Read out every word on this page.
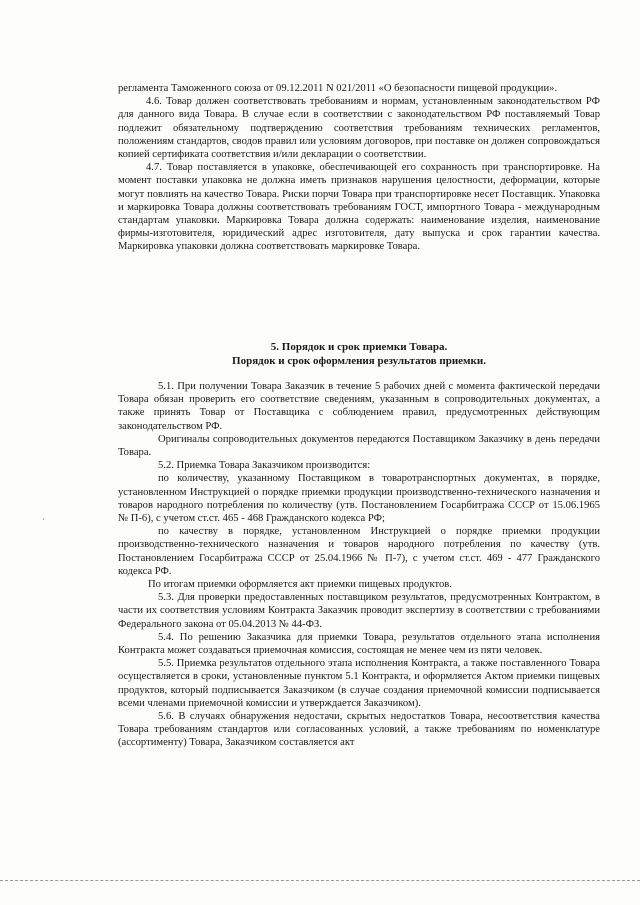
регламента Таможенного союза от 09.12.2011 N 021/2011 «О безопасности пищевой продукции».

4.6. Товар должен соответствовать требованиям и нормам, установленным законодательством РФ для данного вида Товара. В случае если в соответствии с законодательством РФ поставляемый Товар подлежит обязательному подтверждению соответствия требованиям технических регламентов, положениям стандартов, сводов правил или условиям договоров, при поставке он должен сопровождаться копией сертификата соответствия и/или декларации о соответствии.

4.7. Товар поставляется в упаковке, обеспечивающей его сохранность при транспортировке. На момент поставки упаковка не должна иметь признаков нарушения целостности, деформации, которые могут повлиять на качество Товара. Риски порчи Товара при транспортировке несет Поставщик. Упаковка и маркировка Товара должны соответствовать требованиям ГОСТ, импортного Товара - международным стандартам упаковки. Маркировка Товара должна содержать: наименование изделия, наименование фирмы-изготовителя, юридический адрес изготовителя, дату выпуска и срок гарантии качества. Маркировка упаковки должна соответствовать маркировке Товара.

5. Порядок и срок приемки Товара.
Порядок и срок оформления результатов приемки.

5.1. При получении Товара Заказчик в течение 5 рабочих дней с момента фактической передачи Товара обязан проверить его соответствие сведениям, указанным в сопроводительных документах, а также принять Товар от Поставщика с соблюдением правил, предусмотренных действующим законодательством РФ.

Оригиналы сопроводительных документов передаются Поставщиком Заказчику в день передачи Товара.

5.2. Приемка Товара Заказчиком производится:

по количеству, указанному Поставщиком в товаротранспортных документах, в порядке, установленном Инструкцией о порядке приемки продукции производственно-технического назначения и товаров народного потребления по количеству (утв. Постановлением Госарбитража СССР от 15.06.1965 № П-6), с учетом ст.ст. 465 - 468 Гражданского кодекса РФ;

по качеству в порядке, установленном Инструкцией о порядке приемки продукции производственно-технического назначения и товаров народного потребления по качеству (утв. Постановлением Госарбитража СССР от 25.04.1966 № П-7), с учетом ст.ст. 469 - 477 Гражданского кодекса РФ.

По итогам приемки оформляется акт приемки пищевых продуктов.

5.3. Для проверки предоставленных поставщиком результатов, предусмотренных Контрактом, в части их соответствия условиям Контракта Заказчик проводит экспертизу в соответствии с требованиями Федерального закона от 05.04.2013 № 44-ФЗ.

5.4. По решению Заказчика для приемки Товара, результатов отдельного этапа исполнения Контракта может создаваться приемочная комиссия, состоящая не менее чем из пяти человек.

5.5. Приемка результатов отдельного этапа исполнения Контракта, а также поставленного Товара осуществляется в сроки, установленные пунктом 5.1 Контракта, и оформляется Актом приемки пищевых продуктов, который подписывается Заказчиком (в случае создания приемочной комиссии подписывается всеми членами приемочной комиссии и утверждается Заказчиком).

5.6. В случаях обнаружения недостачи, скрытых недостатков Товара, несоответствия качества Товара требованиям стандартов или согласованных условий, а также требованиям по номенклатуре (ассортименту) Товара, Заказчиком составляется акт

ˊ
